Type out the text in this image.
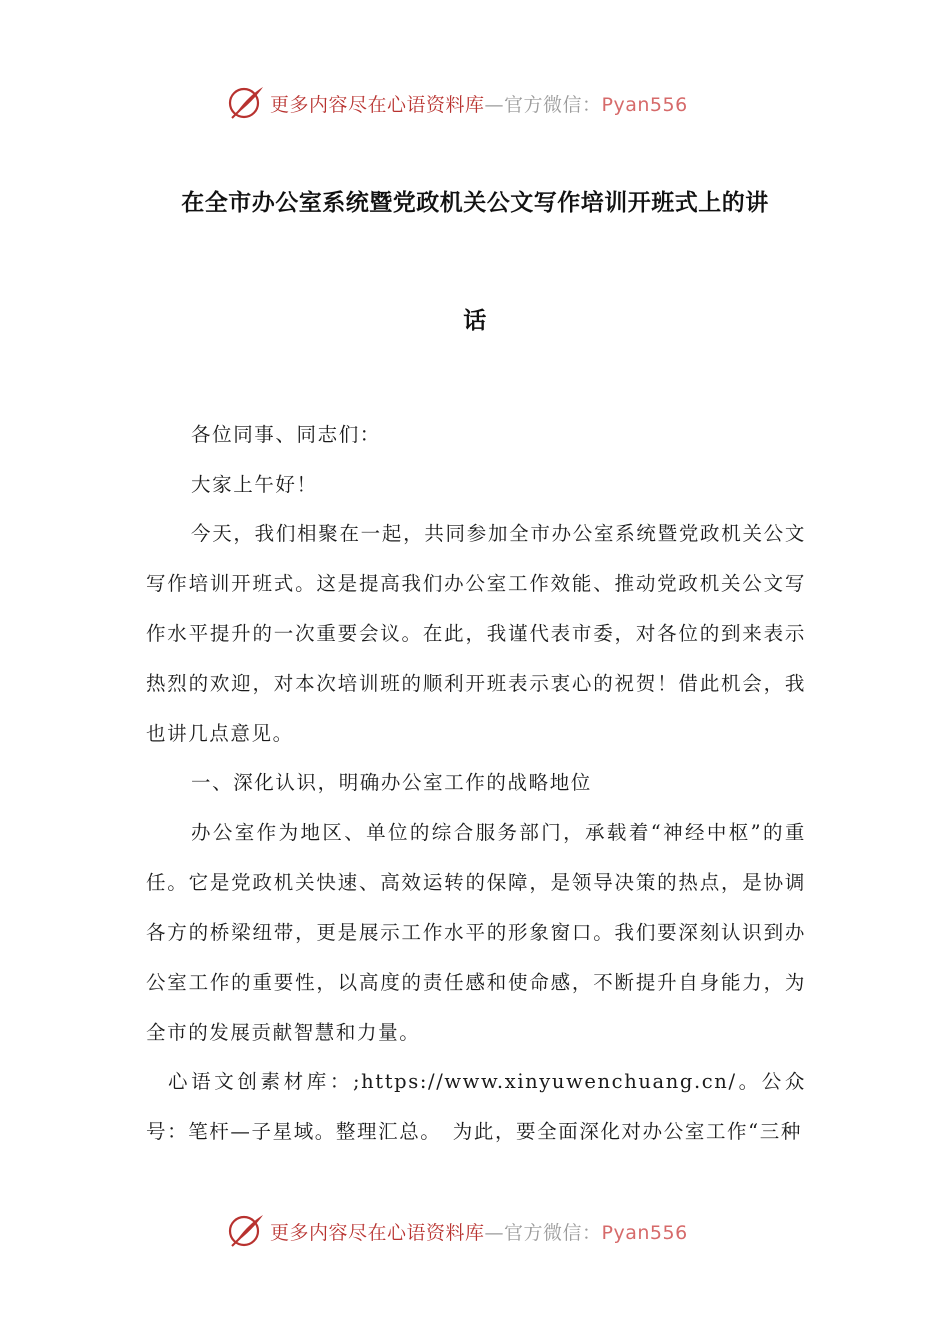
更多内容尽在心语资料库—官方微信：Pyan556
在全市办公室系统暨党政机关公文写作培训开班式上的讲
话

各位同事、同志们：

大家上午好！

今天，我们相聚在一起，共同参加全市办公室系统暨党政机关公文写作培训开班式。这是提高我们办公室工作效能、推动党政机关公文写作水平提升的一次重要会议。在此，我谨代表市委，对各位的到来表示热烈的欢迎，对本次培训班的顺利开班表示衷心的祝贺！借此机会，我也讲几点意见。

一、深化认识，明确办公室工作的战略地位

办公室作为地区、单位的综合服务部门，承载着“神经中枢”的重任。它是党政机关快速、高效运转的保障，是领导决策的热点，是协调各方的桥梁纽带，更是展示工作水平的形象窗口。我们要深刻认识到办公室工作的重要性，以高度的责任感和使命感，不断提升自身能力，为全市的发展贡献智慧和力量。

心语文创素材库：;https://www.xinyuwenchuang.cn/。公众号：笔杆—子星域。整理汇总。　为此，要全面深化对办公室工作“三种

更多内容尽在心语资料库—官方微信：Pyan556
